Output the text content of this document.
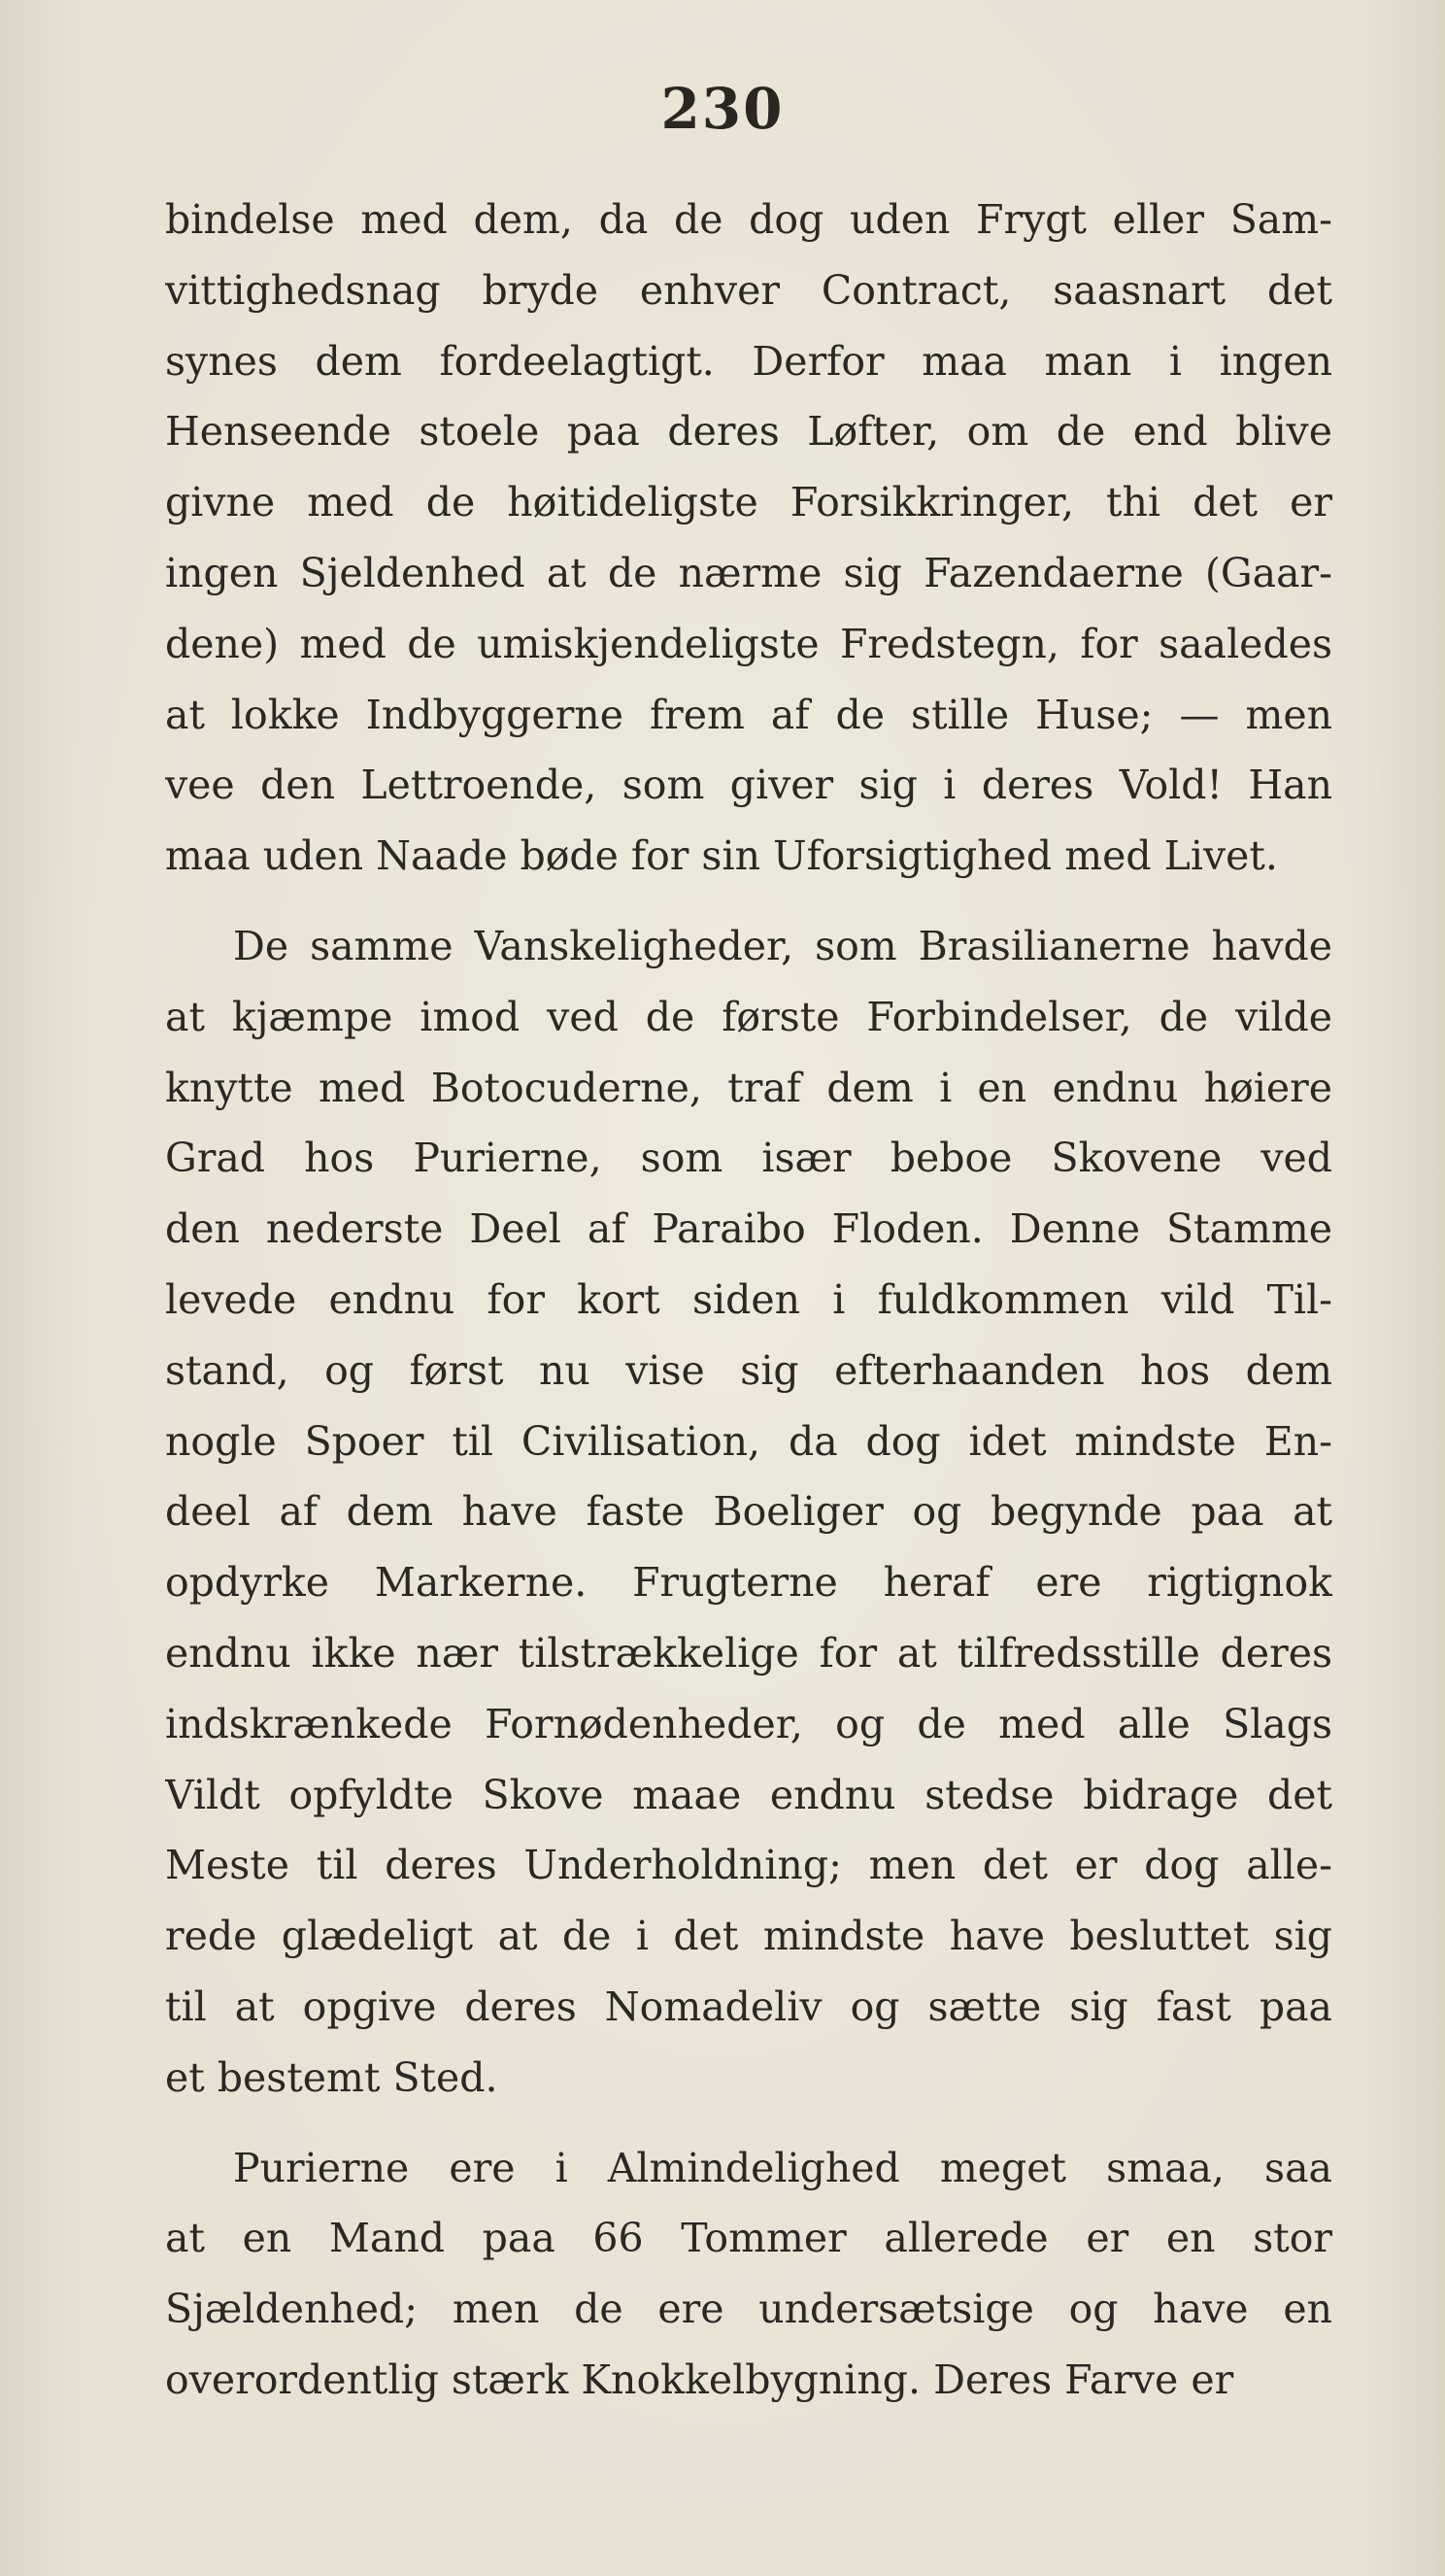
230
bindelse med dem, da de dog uden Frygt eller Sam-
vittighedsnag bryde enhver Contract, saasnart det
synes dem fordeelagtigt. Derfor maa man i ingen
Henseende stoele paa deres Løfter, om de end blive
givne med de høitideligste Forsikkringer, thi det er
ingen Sjeldenhed at de nærme sig Fazendaerne (Gaar-
dene) med de umiskjendeligste Fredstegn, for saaledes
at lokke Indbyggerne frem af de stille Huse; — men
vee den Lettroende, som giver sig i deres Vold! Han
maa uden Naade bøde for sin Uforsigtighed med Livet.
De samme Vanskeligheder, som Brasilianerne havde
at kjæmpe imod ved de første Forbindelser, de vilde
knytte med Botocuderne, traf dem i en endnu høiere
Grad hos Purierne, som især beboe Skovene ved
den nederste Deel af Paraibo Floden. Denne Stamme
levede endnu for kort siden i fuldkommen vild Til-
stand, og først nu vise sig efterhaanden hos dem
nogle Spoer til Civilisation, da dog idet mindste En-
deel af dem have faste Boeliger og begynde paa at
opdyrke Markerne. Frugterne heraf ere rigtignok
endnu ikke nær tilstrækkelige for at tilfredsstille deres
indskrænkede Fornødenheder, og de med alle Slags
Vildt opfyldte Skove maae endnu stedse bidrage det
Meste til deres Underholdning; men det er dog alle-
rede glædeligt at de i det mindste have besluttet sig
til at opgive deres Nomadeliv og sætte sig fast paa
et bestemt Sted.
Purierne ere i Almindelighed meget smaa, saa
at en Mand paa 66 Tommer allerede er en stor
Sjældenhed; men de ere undersætsige og have en
overordentlig stærk Knokkelbygning. Deres Farve er
